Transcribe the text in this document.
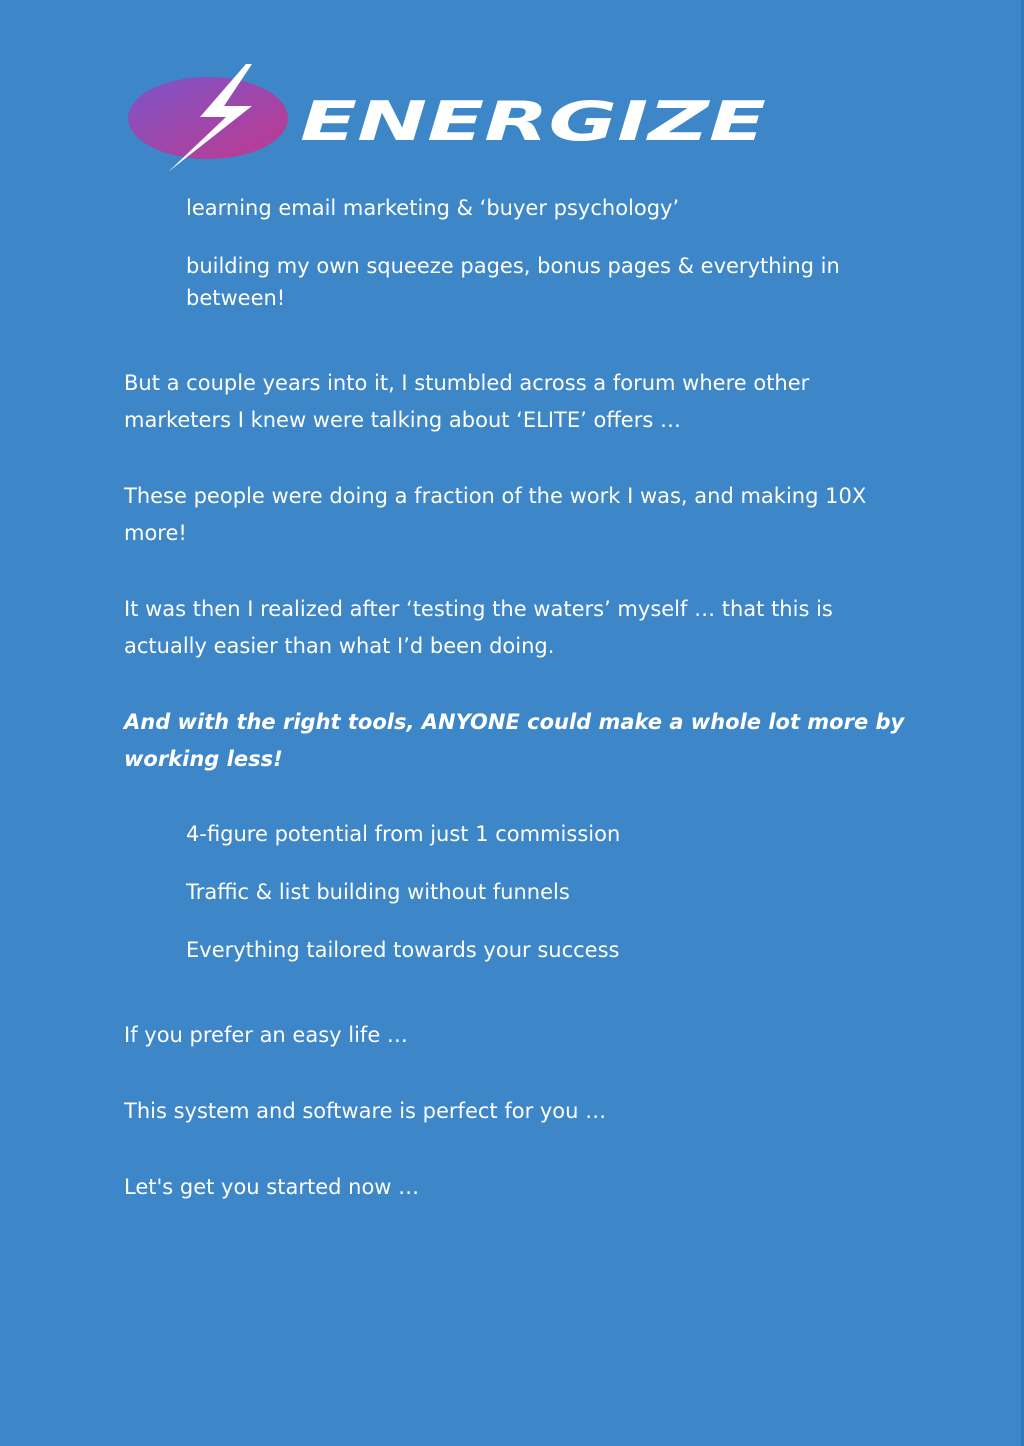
ENERGIZE
learning email marketing & ‘buyer psychology’
building my own squeeze pages, bonus pages & everything in between!

But a couple years into it, I stumbled across a forum where other marketers I knew were talking about ‘ELITE’ offers …

These people were doing a fraction of the work I was, and making 10X more!

It was then I realized after ‘testing the waters’ myself … that this is actually easier than what I’d been doing.

And with the right tools, ANYONE could make a whole lot more by working less!

4-figure potential from just 1 commission
Traffic & list building without funnels
Everything tailored towards your success

If you prefer an easy life …

This system and software is perfect for you …

Let's get you started now …
